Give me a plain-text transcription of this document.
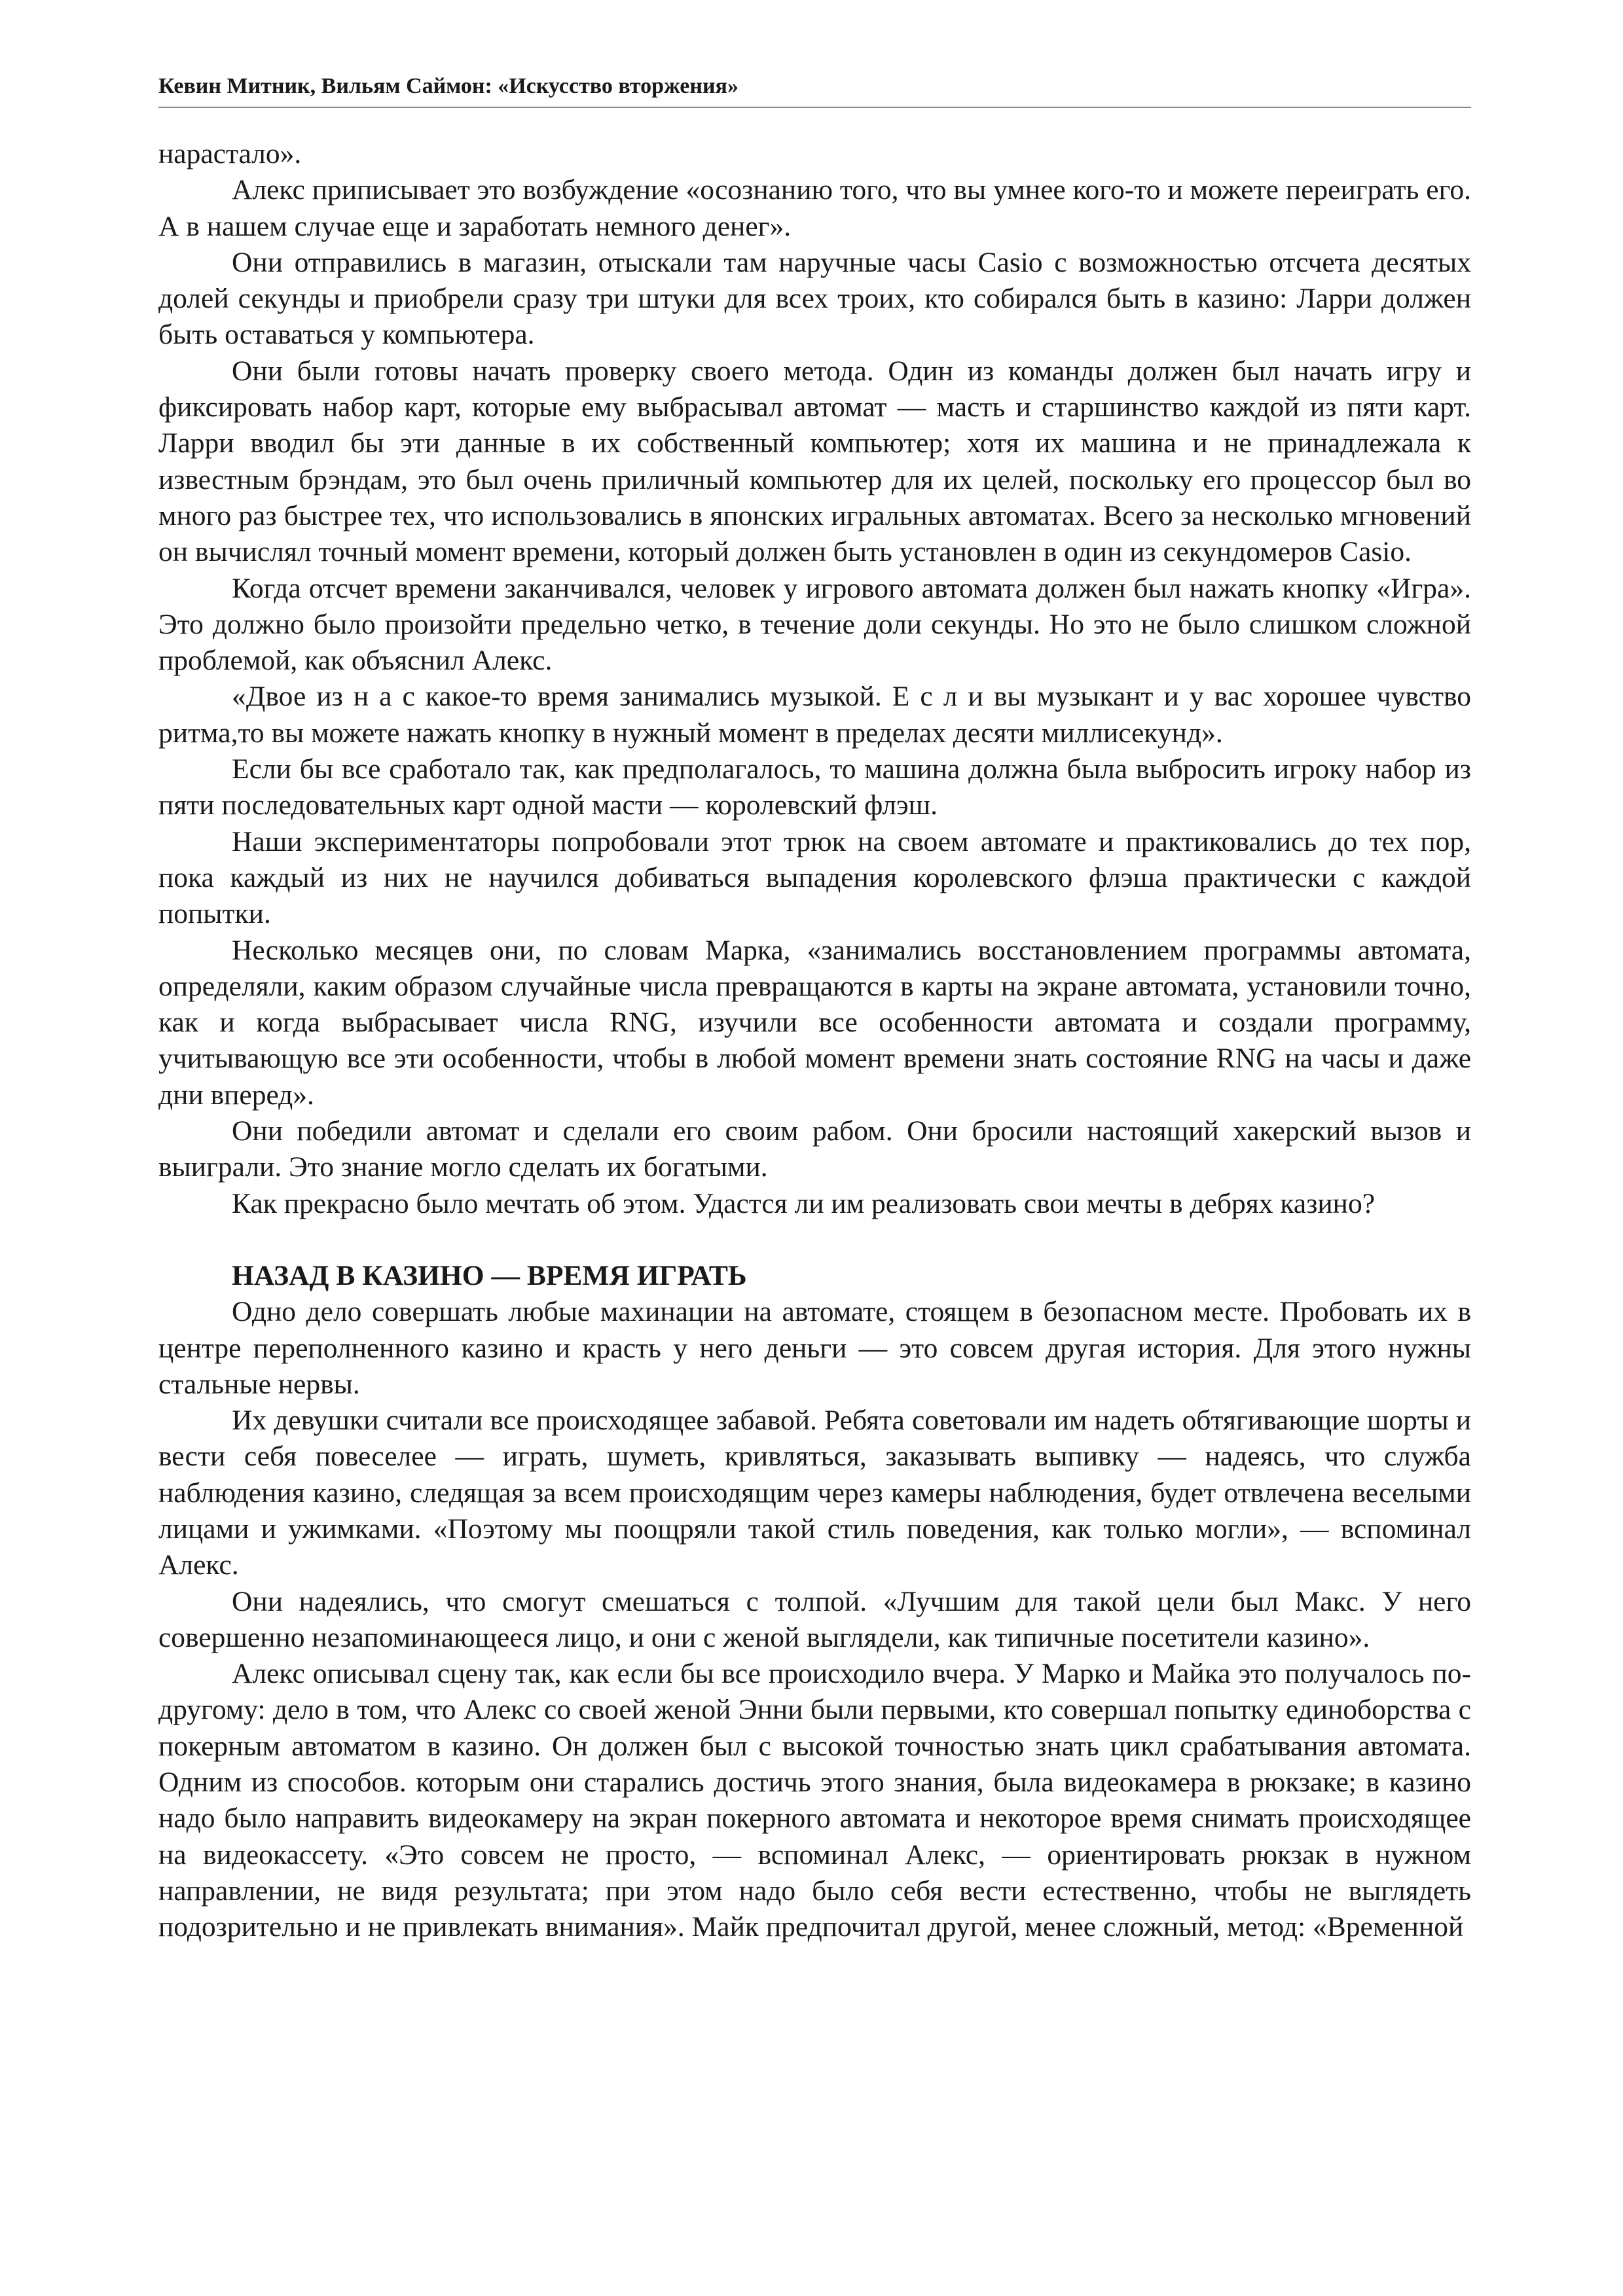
Кевин Митник, Вильям Саймон: «Искусство вторжения»

нарастало».

Алекс приписывает это возбуждение «осознанию того, что вы умнее кого-то и можете переиграть его. А в нашем случае еще и заработать немного денег».

Они отправились в магазин, отыскали там наручные часы Casio с возможностью отсчета десятых долей секунды и приобрели сразу три штуки для всех троих, кто собирался быть в казино: Ларри должен быть оставаться у компьютера.

Они были готовы начать проверку своего метода. Один из команды должен был начать игру и фиксировать набор карт, которые ему выбрасывал автомат — масть и старшинство каждой из пяти карт. Ларри вводил бы эти данные в их собственный компьютер; хотя их машина и не принадлежала к известным брэндам, это был очень приличный компьютер для их целей, поскольку его процессор был во много раз быстрее тех, что использовались в японских игральных автоматах. Всего за несколько мгновений он вычислял точный момент времени, который должен быть установлен в один из секундомеров Casio.

Когда отсчет времени заканчивался, человек у игрового автомата должен был нажать кнопку «Игра». Это должно было произойти предельно четко, в течение доли секунды. Но это не было слишком сложной проблемой, как объяснил Алекс.

«Двое из н а с какое-то время занимались музыкой. Е с л и вы музыкант и у вас хорошее чувство ритма,то вы можете нажать кнопку в нужный момент в пределах десяти миллисекунд».

Если бы все сработало так, как предполагалось, то машина должна была выбросить игроку набор из пяти последовательных карт одной масти — королевский флэш.

Наши экспериментаторы попробовали этот трюк на своем автомате и практиковались до тех пор, пока каждый из них не научился добиваться выпадения королевского флэша практически с каждой попытки.

Несколько месяцев они, по словам Марка, «занимались восстановлением программы автомата, определяли, каким образом случайные числа превращаются в карты на экране автомата, установили точно, как и когда выбрасывает числа RNG, изучили все особенности автомата и создали программу, учитывающую все эти особенности, чтобы в любой момент времени знать состояние RNG на часы и даже дни вперед».

Они победили автомат и сделали его своим рабом. Они бросили настоящий хакерский вызов и выиграли. Это знание могло сделать их богатыми.

Как прекрасно было мечтать об этом. Удастся ли им реализовать свои мечты в дебрях казино?

НАЗАД В КАЗИНО — ВРЕМЯ ИГРАТЬ

Одно дело совершать любые махинации на автомате, стоящем в безопасном месте. Пробовать их в центре переполненного казино и красть у него деньги — это совсем другая история. Для этого нужны стальные нервы.

Их девушки считали все происходящее забавой. Ребята советовали им надеть обтягивающие шорты и вести себя повеселее — играть, шуметь, кривляться, заказывать выпивку — надеясь, что служба наблюдения казино, следящая за всем происходящим через камеры наблюдения, будет отвлечена веселыми лицами и ужимками. «Поэтому мы поощряли такой стиль поведения, как только могли», — вспоминал Алекс.

Они надеялись, что смогут смешаться с толпой. «Лучшим для такой цели был Макс. У него совершенно незапоминающееся лицо, и они с женой выглядели, как типичные посетители казино».

Алекс описывал сцену так, как если бы все происходило вчера. У Марко и Майка это получалось по-другому: дело в том, что Алекс со своей женой Энни были первыми, кто совершал попытку единоборства с покерным автоматом в казино. Он должен был с высокой точностью знать цикл срабатывания автомата. Одним из способов. которым они старались достичь этого знания, была видеокамера в рюкзаке; в казино надо было направить видеокамеру на экран покерного автомата и некоторое время снимать происходящее на видеокассету. «Это совсем не просто, — вспоминал Алекс, — ориентировать рюкзак в нужном направлении, не видя результата; при этом надо было себя вести естественно, чтобы не выглядеть подозрительно и не привлекать внимания». Майк предпочитал другой, менее сложный, метод: «Временной
